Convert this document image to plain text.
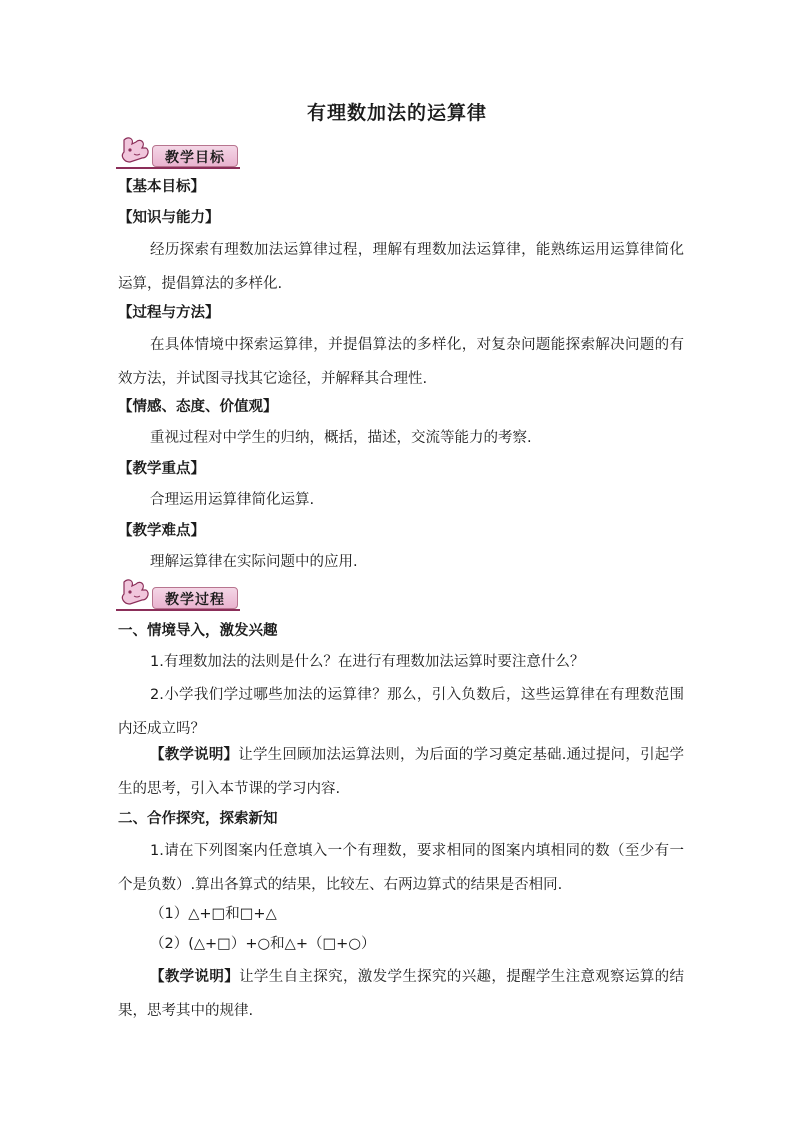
有理数加法的运算律
教学目标
【基本目标】
【知识与能力】
经历探索有理数加法运算律过程，理解有理数加法运算律，能熟练运用运算律简化运算，提倡算法的多样化.
【过程与方法】
在具体情境中探索运算律，并提倡算法的多样化，对复杂问题能探索解决问题的有效方法，并试图寻找其它途径，并解释其合理性.
【情感、态度、价值观】
重视过程对中学生的归纳，概括，描述，交流等能力的考察.
【教学重点】
合理运用运算律简化运算.
【教学难点】
理解运算律在实际问题中的应用.
教学过程
一、情境导入，激发兴趣
1.有理数加法的法则是什么？在进行有理数加法运算时要注意什么？
2.小学我们学过哪些加法的运算律？那么，引入负数后，这些运算律在有理数范围内还成立吗？
【教学说明】让学生回顾加法运算法则，为后面的学习奠定基础.通过提问，引起学生的思考，引入本节课的学习内容.
二、合作探究，探索新知
1.请在下列图案内任意填入一个有理数，要求相同的图案内填相同的数（至少有一个是负数）.算出各算式的结果，比较左、右两边算式的结果是否相同.
（1）△+□和□+△
（2）(△+□）+○和△+（□+○）
【教学说明】让学生自主探究，激发学生探究的兴趣，提醒学生注意观察运算的结果，思考其中的规律.
